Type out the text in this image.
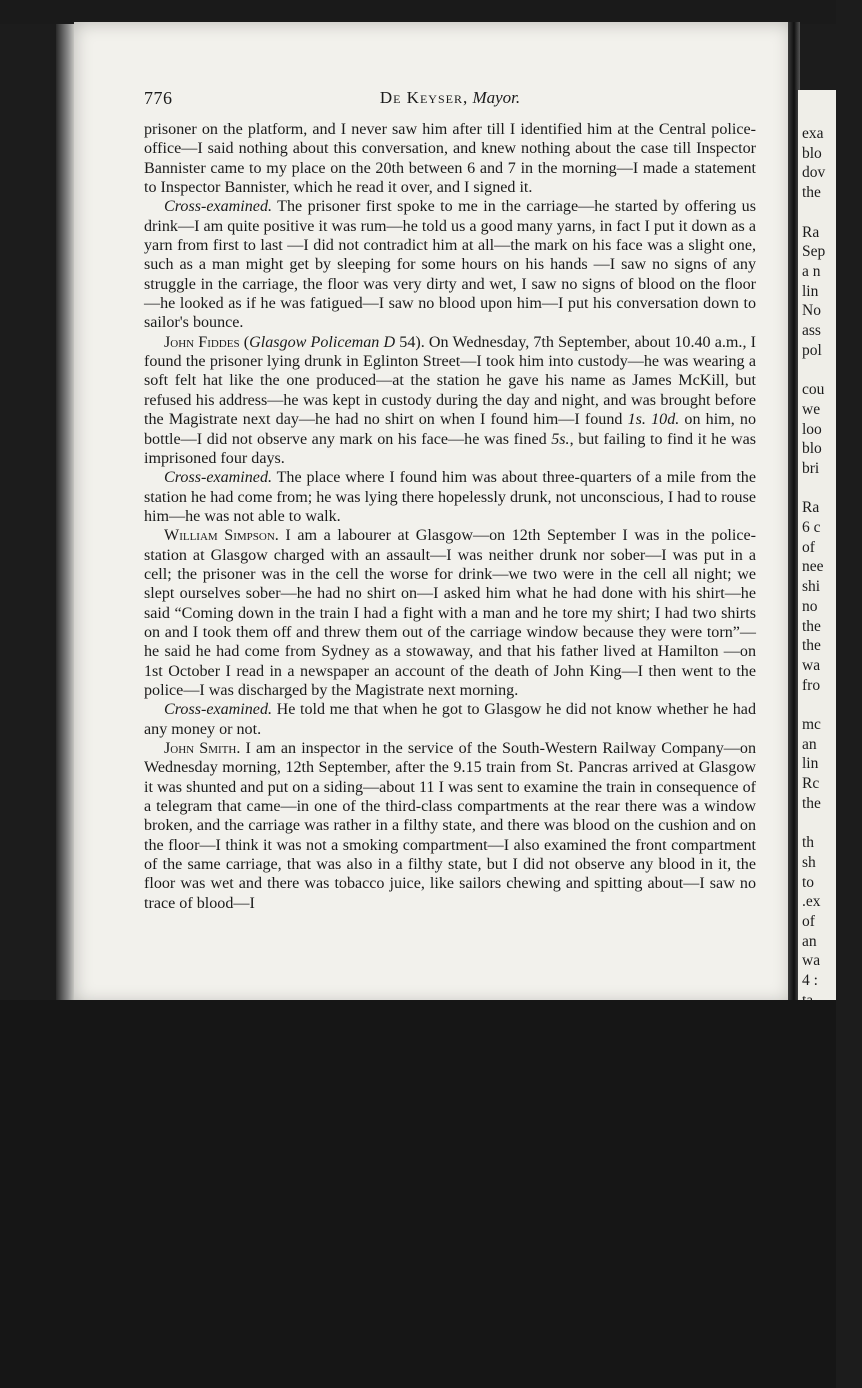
exa
blo
dov
the
Ra
Sep
a n
lin
No
ass
pol
cou
we
loo
blo
bri
Ra
6 c
of
nee
shi
no
the
the
wa
fro
mc
an
lin
Rc
the
th
sh
to
.ex
of
an
wa
4 :
776	De Keyser, Mayor.

prisoner on the platform, and I never saw him after till I identified him at the Central police-office—I said nothing about this conversation, and knew nothing about the case till Inspector Bannister came to my place on the 20th between 6 and 7 in the morning—I made a statement to Inspector Bannister, which he read it over, and I signed it.

Cross-examined. The prisoner first spoke to me in the carriage—he started by offering us drink—I am quite positive it was rum—he told us a good many yarns, in fact I put it down as a yarn from first to last —I did not contradict him at all—the mark on his face was a slight one, such as a man might get by sleeping for some hours on his hands —I saw no signs of any struggle in the carriage, the floor was very dirty and wet, I saw no signs of blood on the floor—he looked as if he was fatigued—I saw no blood upon him—I put his conversation down to sailor's bounce.

John Fiddes (Glasgow Policeman D 54). On Wednesday, 7th September, about 10.40 a.m., I found the prisoner lying drunk in Eglinton Street—I took him into custody—he was wearing a soft felt hat like the one produced—at the station he gave his name as James McKill, but refused his address—he was kept in custody during the day and night, and was brought before the Magistrate next day—he had no shirt on when I found him—I found 1s. 10d. on him, no bottle—I did not observe any mark on his face—he was fined 5s., but failing to find it he was imprisoned four days.

Cross-examined. The place where I found him was about three-quarters of a mile from the station he had come from; he was lying there hopelessly drunk, not unconscious, I had to rouse him—he was not able to walk.

William Simpson. I am a labourer at Glasgow—on 12th September I was in the police-station at Glasgow charged with an assault—I was neither drunk nor sober—I was put in a cell; the prisoner was in the cell the worse for drink—we two were in the cell all night; we slept ourselves sober—he had no shirt on—I asked him what he had done with his shirt—he said “Coming down in the train I had a fight with a man and he tore my shirt; I had two shirts on and I took them off and threw them out of the carriage window because they were torn”—he said he had come from Sydney as a stowaway, and that his father lived at Hamilton —on 1st October I read in a newspaper an account of the death of John King—I then went to the police—I was discharged by the Magistrate next morning.

Cross-examined. He told me that when he got to Glasgow he did not know whether he had any money or not.

John Smith. I am an inspector in the service of the South-Western Railway Company—on Wednesday morning, 12th September, after the 9.15 train from St. Pancras arrived at Glasgow it was shunted and put on a siding—about 11 I was sent to examine the train in consequence of a telegram that came—in one of the third-class compartments at the rear there was a window broken, and the carriage was rather in a filthy state, and there was blood on the cushion and on the floor—I think it was not a smoking compartment—I also examined the front compartment of the same carriage, that was also in a filthy state, but I did not observe any blood in it, the floor was wet and there was tobacco juice, like sailors chewing and spitting about—I saw no trace of blood—I
